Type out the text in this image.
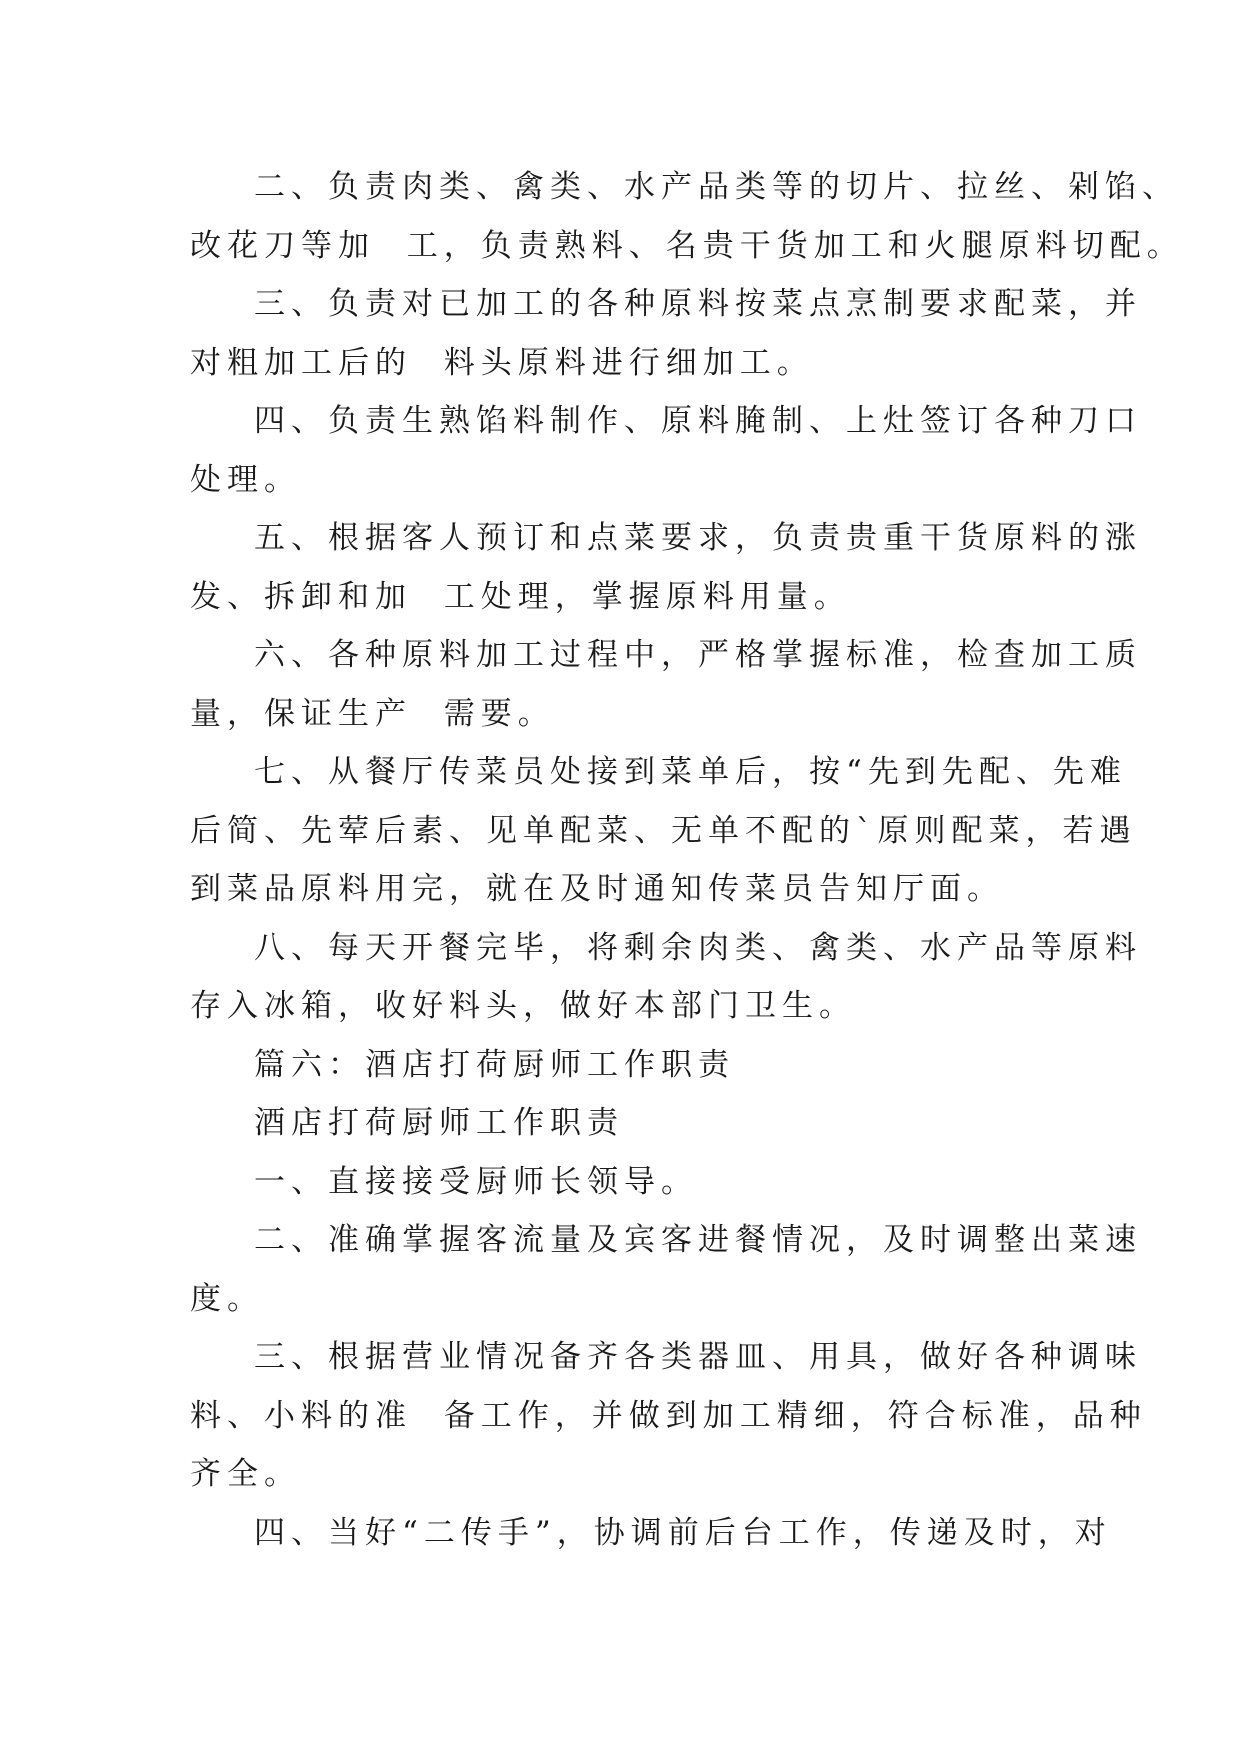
二、负责肉类、禽类、水产品类等的切片、拉丝、剁馅、
改花刀等加  工，负责熟料、名贵干货加工和火腿原料切配。
三、负责对已加工的各种原料按菜点烹制要求配菜，并
对粗加工后的  料头原料进行细加工。
四、负责生熟馅料制作、原料腌制、上灶签订各种刀口
处理。
五、根据客人预订和点菜要求，负责贵重干货原料的涨
发、拆卸和加  工处理，掌握原料用量。
六、各种原料加工过程中，严格掌握标准，检查加工质
量，保证生产  需要。
七、从餐厅传菜员处接到菜单后，按“先到先配、先难
后简、先荤后素、见单配菜、无单不配的`原则配菜，若遇
到菜品原料用完，就在及时通知传菜员告知厅面。
八、每天开餐完毕，将剩余肉类、禽类、水产品等原料
存入冰箱，收好料头，做好本部门卫生。
篇六：酒店打荷厨师工作职责
酒店打荷厨师工作职责
一、直接接受厨师长领导。
二、准确掌握客流量及宾客进餐情况，及时调整出菜速
度。
三、根据营业情况备齐各类器皿、用具，做好各种调味
料、小料的准  备工作，并做到加工精细，符合标准，品种
齐全。
四、当好“二传手”，协调前后台工作，传递及时，对
